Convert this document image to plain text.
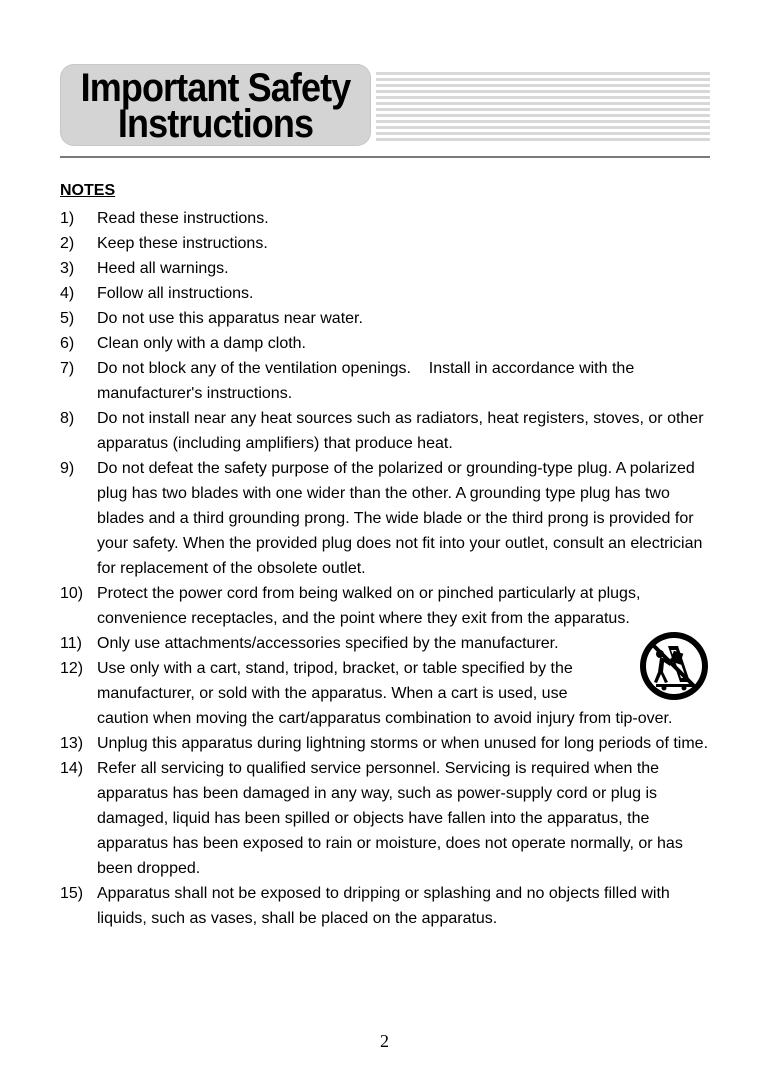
Important Safety
Instructions
NOTES
1) Read these instructions.
2) Keep these instructions.
3) Heed all warnings.
4) Follow all instructions.
5) Do not use this apparatus near water.
6) Clean only with a damp cloth.
7) Do not block any of the ventilation openings.    Install in accordance with the manufacturer's instructions.
8) Do not install near any heat sources such as radiators, heat registers, stoves, or other apparatus (including amplifiers) that produce heat.
9) Do not defeat the safety purpose of the polarized or grounding-type plug. A polarized plug has two blades with one wider than the other. A grounding type plug has two blades and a third grounding prong. The wide blade or the third prong is provided for your safety. When the provided plug does not fit into your outlet, consult an electrician for replacement of the obsolete outlet.
10) Protect the power cord from being walked on or pinched particularly at plugs, convenience receptacles, and the point where they exit from the apparatus.
11) Only use attachments/accessories specified by the manufacturer.
12) Use only with a cart, stand, tripod, bracket, or table specified by the
manufacturer, or sold with the apparatus. When a cart is used, use
caution when moving the cart/apparatus combination to avoid injury from tip-over.
13) Unplug this apparatus during lightning storms or when unused for long periods of time.
14) Refer all servicing to qualified service personnel. Servicing is required when the apparatus has been damaged in any way, such as power-supply cord or plug is damaged, liquid has been spilled or objects have fallen into the apparatus, the apparatus has been exposed to rain or moisture, does not operate normally, or has been dropped.
15) Apparatus shall not be exposed to dripping or splashing and no objects filled with liquids, such as vases, shall be placed on the apparatus.
2
